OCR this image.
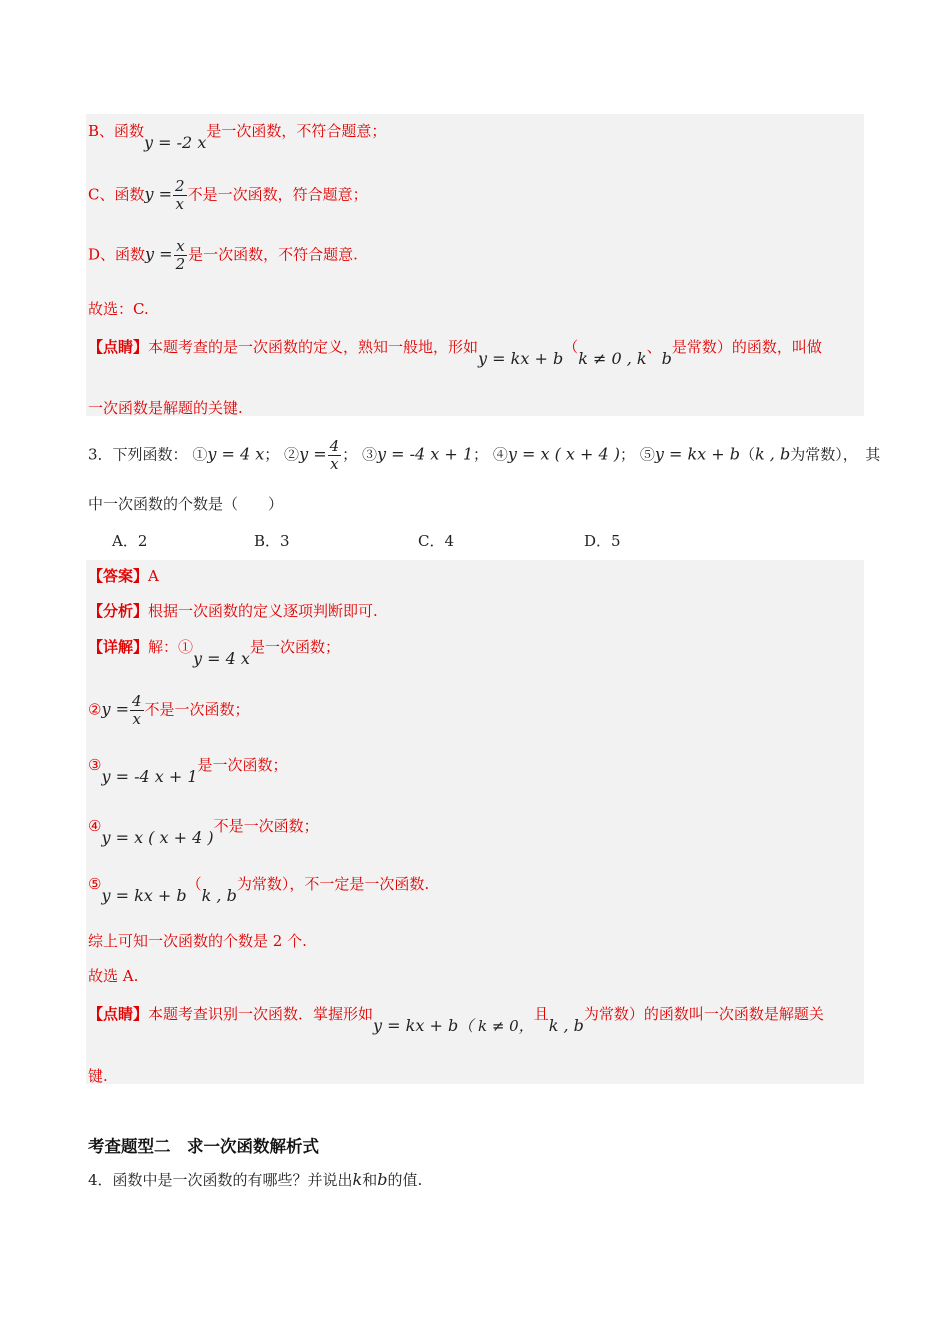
B、函数y = -2 x是一次函数，不符合题意；
C、函数$y = \frac{2}{x}$ 不是一次函数，符合题意；
D、函数$y = \frac{x}{2}$ 是一次函数，不符合题意.
故选：C.
【点睛】本题考查的是一次函数的定义，熟知一般地，形如y = kx + b（k ≠ 0 , k、b是常数）的函数，叫做
一次函数是解题的关键.
3．下列函数： ①y = 4 x； ②y = $\frac{4}{x}$ ； ③y = -4 x + 1； ④y = x ( x + 4 )； ⑤y = kx + b（k , b为常数），　其
中一次函数的个数是（　　）
A．2	B．3	C．4	D．5
【答案】A
【分析】根据一次函数的定义逐项判断即可.
【详解】解：①y = 4 x是一次函数；
②y = $\frac{4}{x}$ 不是一次函数；
③y = -4 x + 1是一次函数；
④y = x ( x + 4 )不是一次函数；
⑤y = kx + b（k , b为常数），不一定是一次函数.
综上可知一次函数的个数是 2 个.
故选 A.
【点睛】本题考查识别一次函数．掌握形如y = kx + b（ k ≠ 0，且k , b为常数）的函数叫一次函数是解题关
键.
考查题型二　求一次函数解析式
4．函数中是一次函数的有哪些？并说出k和b的值.
